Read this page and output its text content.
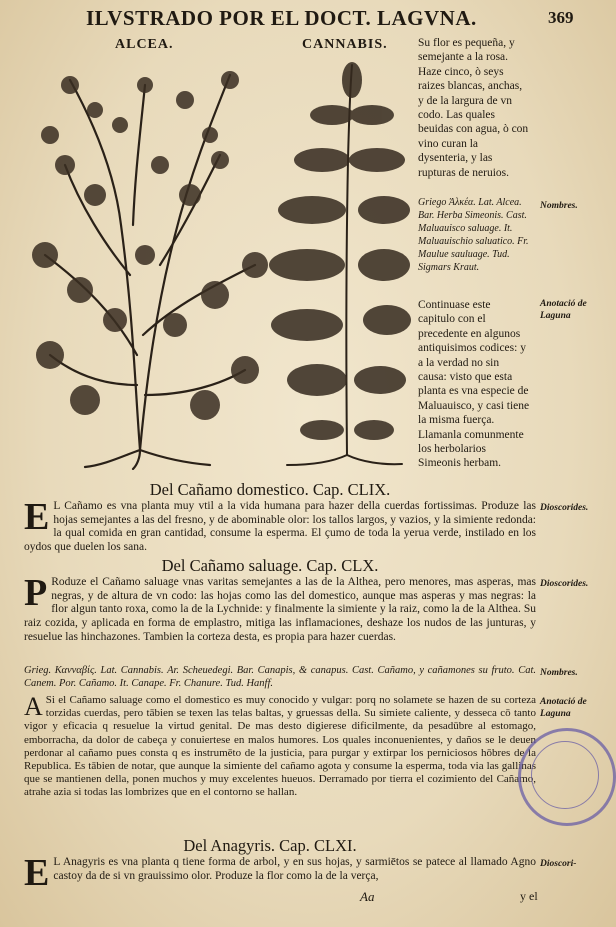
ILVSTRADO POR EL DOCT. LAGVNA.	369
ALCEA.	CANNABIS.	Su flor es pequeña, y semejante a la rosa. Haze cinco, ò seys raizes blancas, anchas, y de la largura de vn codo. Las quales beuidas con agua, ò con vino curan la dysenteria, y las rupturas de neruios.
Griego Ἀλκέα. Lat. Alcea. Bar. Herba Simeonis. Cast. Maluauisco saluage. It. Maluauischio saluatico. Fr. Maulue sauluage. Tud. Sigmars Kraut.
Nombres.
Continuase este capitulo con el precedente en algunos antiquisimos codices: y a la verdad no sin causa: visto que esta planta es vna especie de Maluauisco, y casi tiene la misma fuerça. Llamanla comunmente los herbolarios Simeonis herbam.
Anotació de Laguna
Del Cañamo domestico. Cap. CLIX.
E L Cañamo es vna planta muy vtil a la vida humana para hazer della cuerdas fortissimas. Produze las hojas semejantes a las del fresno, y de abominable olor: los tallos largos, y vazios, y la simiente redonda: la qual comida en gran cantidad, consume la esperma. El çumo de toda la yerua verde, instilado en los oydos que duelen los sana.
Dioscorides.
Del Cañamo saluage. Cap. CLX.
P Roduze el Cañamo saluage vnas varitas semejantes a las de la Althea, pero menores, mas asperas, mas negras, y de altura de vn codo: las hojas como las del domestico, aunque mas asperas y mas negras: la flor algun tanto roxa, como la de la Lychnide: y finalmente la simiente y la raiz, como la de la Althea. Su raiz cozida, y aplicada en forma de emplastro, mitiga las inflamaciones, deshaze los nudos de las junturas, y resuelue las hinchazones. Tambien la corteza desta, es propia para hazer cuerdas.
Dioscorides.
Grieg. Κανναβίς. Lat. Cannabis. Ar. Scheuedegi. Bar. Canapis, & canapus. Cast. Cañamo, y cañamones su fruto. Cat. Canem. Por. Cañamo. It. Canape. Fr. Chanure. Tud. Hanff.
Nombres.
A Si el Cañamo saluage como el domestico es muy conocido y vulgar: porq no solamete se hazen de su corteza torzidas cuerdas, pero tābien se texen las telas baltas, y gruessas della. Su simiete caliente, y desseca cō tanto vigor y eficacia q resuelue la virtud genital. De mas desto digierese dificilmente, da pesadūbre al estomago, emborracha, da dolor de cabeça y conuiertese en malos humores. Los quales inconuenientes, y daños se le deuen perdonar al cañamo pues consta q es instrumēto de la justicia, para purgar y extirpar los perniciosos hōbres de la Republica. Es tābien de notar, que aunque la simiente del cañamo agota y consume la esperma, toda via las gallinas que se mantienen della, ponen muchos y muy excelentes hueuos. Derramado por tierra el cozimiento del Cañamo, atrahe azia si todas las lombrizes que en el contorno se hallan.
Anotació de Laguna
Del Anagyris. Cap. CLXI.
E L Anagyris es vna planta q tiene forma de arbol, y en sus hojas, y sarmiētos se patece al llamado Agno castoy da de si vn grauissimo olor. Produze la flor como la de la verça,
Dioscori-
Aa	y el
